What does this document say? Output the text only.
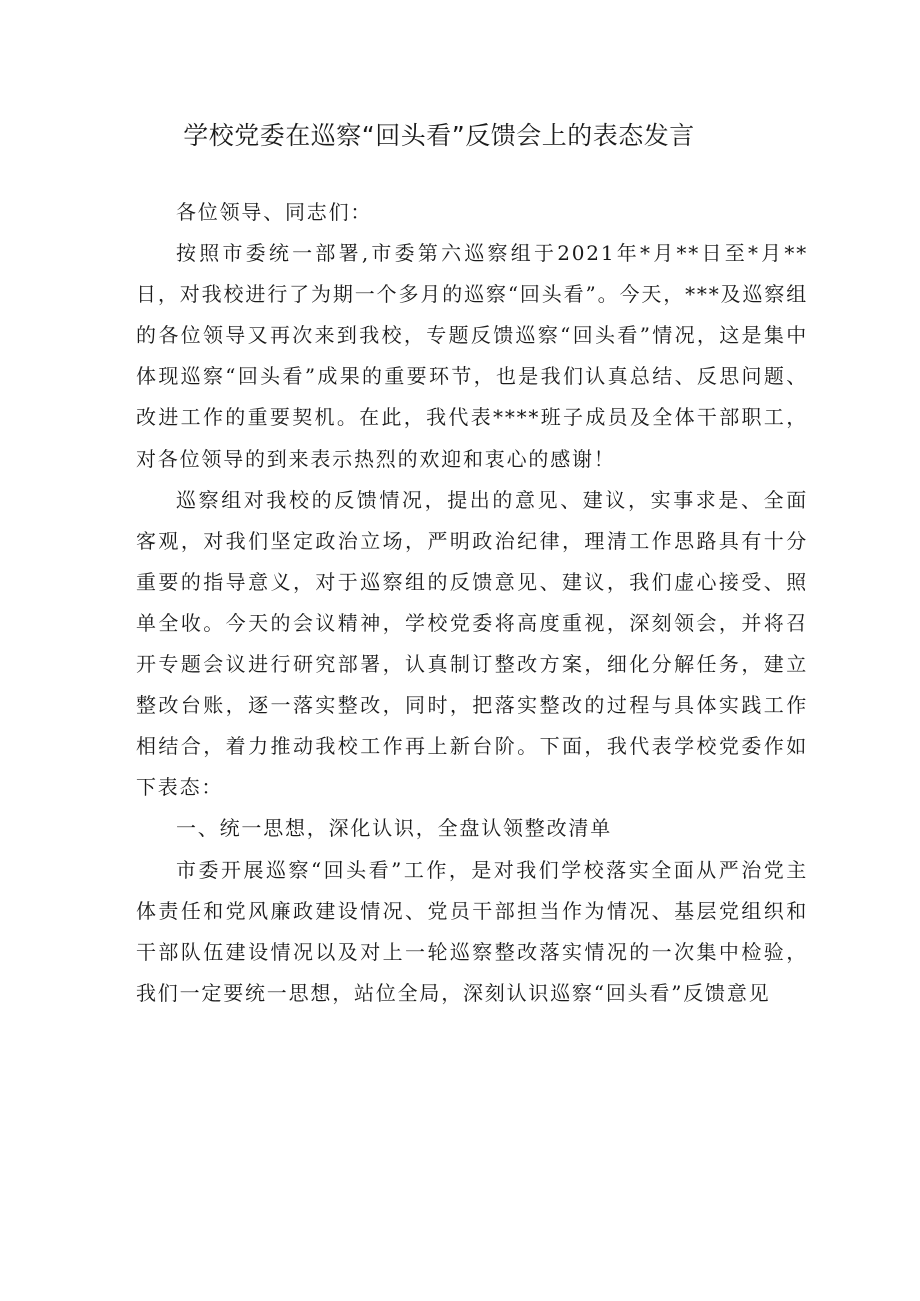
学校党委在巡察“回头看”反馈会上的表态发言

各位领导、同志们：

按照市委统一部署,市委第六巡察组于2021年*月**日至*月**日，对我校进行了为期一个多月的巡察“回头看”。今天，***及巡察组的各位领导又再次来到我校，专题反馈巡察“回头看”情况，这是集中体现巡察“回头看”成果的重要环节，也是我们认真总结、反思问题、改进工作的重要契机。在此，我代表****班子成员及全体干部职工，对各位领导的到来表示热烈的欢迎和衷心的感谢！

巡察组对我校的反馈情况，提出的意见、建议，实事求是、全面客观，对我们坚定政治立场，严明政治纪律，理清工作思路具有十分重要的指导意义，对于巡察组的反馈意见、建议，我们虚心接受、照单全收。今天的会议精神，学校党委将高度重视，深刻领会，并将召开专题会议进行研究部署，认真制订整改方案，细化分解任务，建立整改台账，逐一落实整改，同时，把落实整改的过程与具体实践工作相结合，着力推动我校工作再上新台阶。下面，我代表学校党委作如下表态：

一、统一思想，深化认识，全盘认领整改清单

市委开展巡察“回头看”工作，是对我们学校落实全面从严治党主体责任和党风廉政建设情况、党员干部担当作为情况、基层党组织和干部队伍建设情况以及对上一轮巡察整改落实情况的一次集中检验，我们一定要统一思想，站位全局，深刻认识巡察“回头看”反馈意见
